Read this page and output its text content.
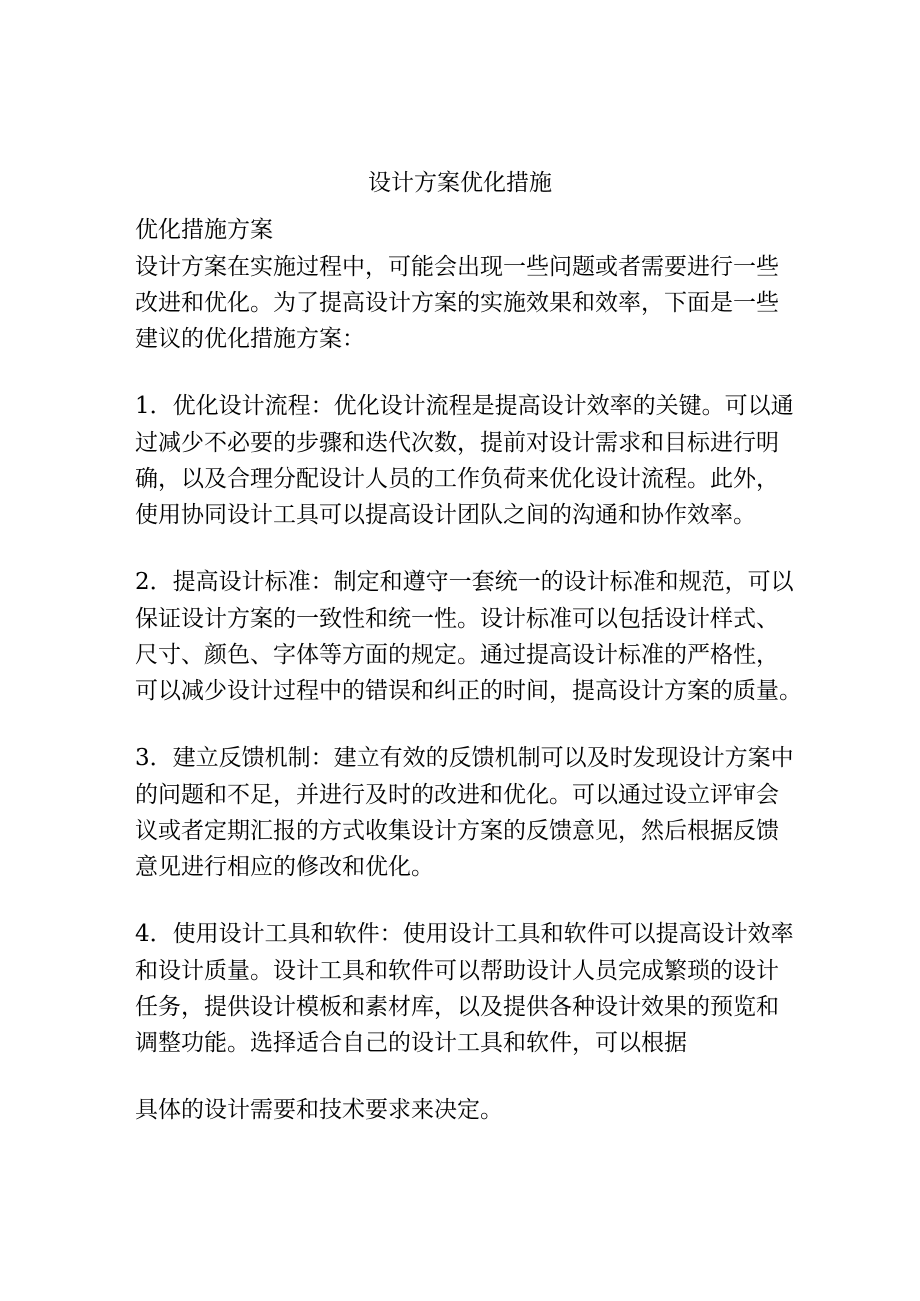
设计方案优化措施
优化措施方案
设计方案在实施过程中，可能会出现一些问题或者需要进行一些
改进和优化。为了提高设计方案的实施效果和效率，下面是一些
建议的优化措施方案：
1．优化设计流程：优化设计流程是提高设计效率的关键。可以通
过减少不必要的步骤和迭代次数，提前对设计需求和目标进行明
确，以及合理分配设计人员的工作负荷来优化设计流程。此外，
使用协同设计工具可以提高设计团队之间的沟通和协作效率。
2．提高设计标准：制定和遵守一套统一的设计标准和规范，可以
保证设计方案的一致性和统一性。设计标准可以包括设计样式、
尺寸、颜色、字体等方面的规定。通过提高设计标准的严格性，
可以减少设计过程中的错误和纠正的时间，提高设计方案的质量。
3．建立反馈机制：建立有效的反馈机制可以及时发现设计方案中
的问题和不足，并进行及时的改进和优化。可以通过设立评审会
议或者定期汇报的方式收集设计方案的反馈意见，然后根据反馈
意见进行相应的修改和优化。
4．使用设计工具和软件：使用设计工具和软件可以提高设计效率
和设计质量。设计工具和软件可以帮助设计人员完成繁琐的设计
任务，提供设计模板和素材库，以及提供各种设计效果的预览和
调整功能。选择适合自己的设计工具和软件，可以根据
具体的设计需要和技术要求来决定。
